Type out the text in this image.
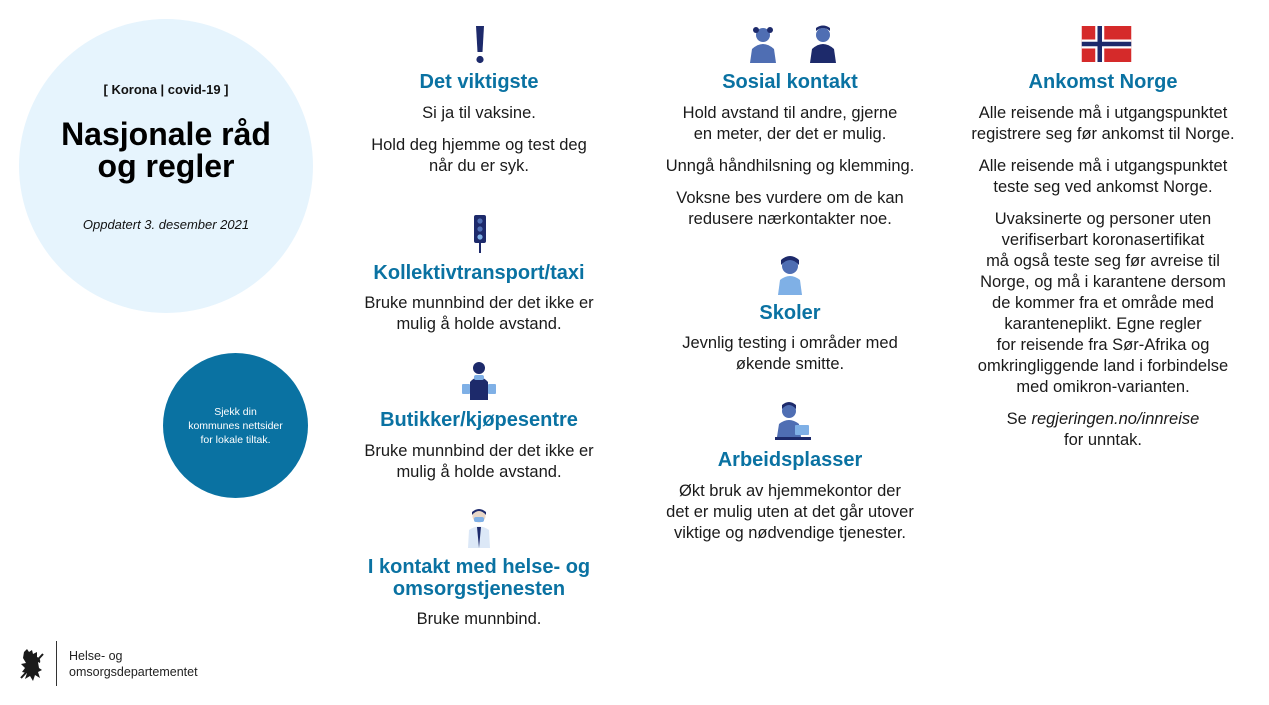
[ Korona | covid-19 ]
Nasjonale råd
og regler
Oppdatert 3. desember 2021
Sjekk din
kommunes nettsider
for lokale tiltak.
Det viktigste

Si ja til vaksine.

Hold deg hjemme og test deg
når du er syk.

Kollektivtransport/taxi

Bruke munnbind der det ikke er
mulig å holde avstand.

Butikker/kjøpesentre

Bruke munnbind der det ikke er
mulig å holde avstand.

I kontakt med helse- og
omsorgstjenesten

Bruke munnbind.

Sosial kontakt

Hold avstand til andre, gjerne
en meter, der det er mulig.

Unngå håndhilsning og klemming.

Voksne bes vurdere om de kan
redusere nærkontakter noe.

Skoler

Jevnlig testing i områder med
økende smitte.

Arbeidsplasser

Økt bruk av hjemmekontor der
det er mulig uten at det går utover
viktige og nødvendige tjenester.

Ankomst Norge

Alle reisende må i utgangspunktet
registrere seg før ankomst til Norge.

Alle reisende må i utgangspunktet
teste seg ved ankomst Norge.

Uvaksinerte og personer uten
verifiserbart koronasertifikat
må også teste seg før avreise til
Norge, og må i karantene dersom
de kommer fra et område med
karanteneplikt. Egne regler
for reisende fra Sør-Afrika og
omkringliggende land i forbindelse
med omikron-varianten.

Se regjeringen.no/innreise
for unntak.

Helse- og
omsorgsdepartementet
